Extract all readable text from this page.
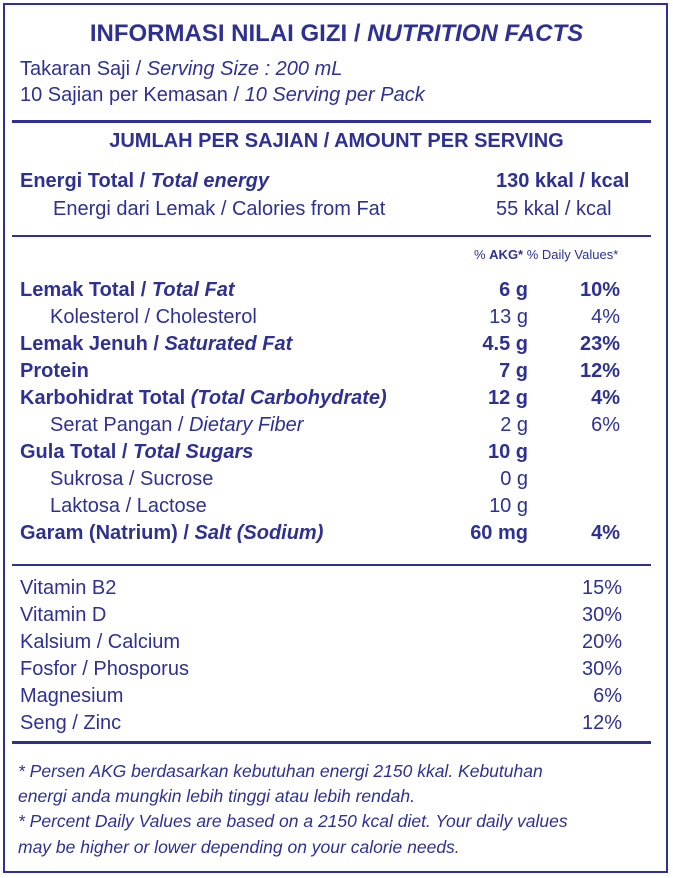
INFORMASI NILAI GIZI / NUTRITION FACTS
Takaran Saji / Serving Size : 200 mL
10 Sajian per Kemasan / 10 Serving per Pack
JUMLAH PER SAJIAN / AMOUNT PER SERVING
Energi Total / Total energy	130 kkal / kcal
Energi dari Lemak / Calories from Fat	55 kkal / kcal
% AKG* % Daily Values*
Lemak Total / Total Fat	6 g	10%
Kolesterol / Cholesterol	13 g	4%
Lemak Jenuh / Saturated Fat	4.5 g	23%
Protein	7 g	12%
Karbohidrat Total (Total Carbohydrate)	12 g	4%
Serat Pangan / Dietary Fiber	2 g	6%
Gula Total / Total Sugars	10 g
Sukrosa / Sucrose	0 g
Laktosa / Lactose	10 g
Garam (Natrium) / Salt (Sodium)	60 mg	4%
Vitamin B2	15%
Vitamin D	30%
Kalsium / Calcium	20%
Fosfor / Phosporus	30%
Magnesium	6%
Seng / Zinc	12%
* Persen AKG berdasarkan kebutuhan energi 2150 kkal. Kebutuhan
energi anda mungkin lebih tinggi atau lebih rendah.
* Percent Daily Values are based on a 2150 kcal diet. Your daily values
may be higher or lower depending on your calorie needs.
